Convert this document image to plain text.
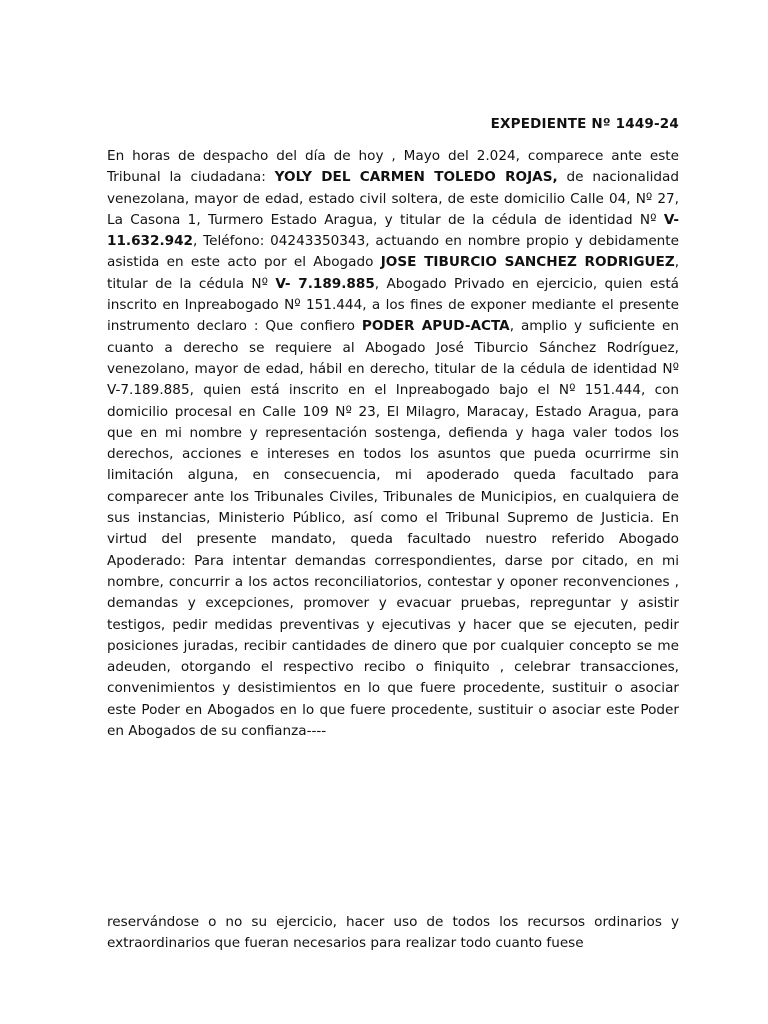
EXPEDIENTE Nº 1449-24
En horas de despacho del día de hoy , Mayo del 2.024, comparece ante este Tribunal la ciudadana: YOLY DEL CARMEN TOLEDO ROJAS, de nacionalidad venezolana, mayor de edad, estado civil soltera, de este domicilio Calle 04, Nº 27, La Casona 1, Turmero Estado Aragua, y titular de la cédula de identidad Nº V-11.632.942, Teléfono: 04243350343, actuando en nombre propio y debidamente asistida en este acto por el Abogado JOSE TIBURCIO SANCHEZ RODRIGUEZ, titular de la cédula Nº V- 7.189.885, Abogado Privado en ejercicio, quien está inscrito en Inpreabogado Nº 151.444, a los fines de exponer mediante el presente instrumento declaro : Que confiero PODER APUD-ACTA, amplio y suficiente en cuanto a derecho se requiere al Abogado José Tiburcio Sánchez Rodríguez, venezolano, mayor de edad, hábil en derecho, titular de la cédula de identidad Nº V-7.189.885, quien está inscrito en el Inpreabogado bajo el Nº 151.444, con domicilio procesal en Calle 109 Nº 23, El Milagro, Maracay, Estado Aragua, para que en mi nombre y representación sostenga, defienda y haga valer todos los derechos, acciones e intereses en todos los asuntos que pueda ocurrirme sin limitación alguna, en consecuencia, mi apoderado queda facultado para comparecer ante los Tribunales Civiles, Tribunales de Municipios, en cualquiera de sus instancias, Ministerio Público, así como el Tribunal Supremo de Justicia. En virtud del presente mandato, queda facultado nuestro referido Abogado Apoderado: Para intentar demandas correspondientes, darse por citado, en mi nombre, concurrir a los actos reconciliatorios, contestar y oponer reconvenciones , demandas y excepciones, promover y evacuar pruebas, repreguntar y asistir testigos, pedir medidas preventivas y ejecutivas y hacer que se ejecuten, pedir posiciones juradas, recibir cantidades de dinero que por cualquier concepto se me adeuden, otorgando el respectivo recibo o finiquito , celebrar transacciones, convenimientos y desistimientos en lo que fuere procedente, sustituir o asociar este Poder en Abogados en lo que fuere procedente, sustituir o asociar este Poder en Abogados de su confianza----
reservándose o no su ejercicio, hacer uso de todos los recursos ordinarios y extraordinarios que fueran necesarios para realizar todo cuanto fuese
